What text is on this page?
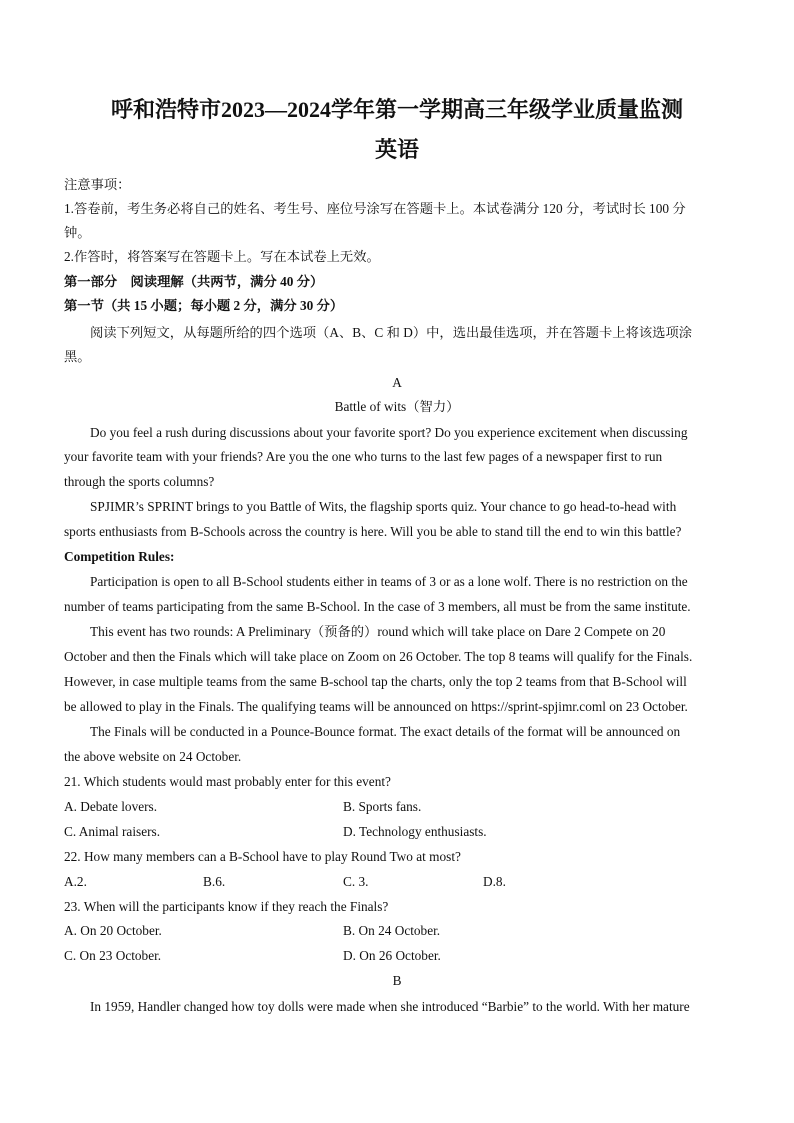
呼和浩特市2023—2024学年第一学期高三年级学业质量监测
英语
注意事项：
1.答卷前，考生务必将自己的姓名、考生号、座位号涂写在答题卡上。本试卷满分 120 分，考试时长 100 分
钟。
2.作答时，将答案写在答题卡上。写在本试卷上无效。
第一部分　阅读理解（共两节，满分 40 分）
第一节（共 15 小题；每小题 2 分，满分 30 分）
阅读下列短文，从每题所给的四个选项（A、B、C 和 D）中，选出最佳选项，并在答题卡上将该选项涂
黑。
A
Battle of wits（智力）
Do you feel a rush during discussions about your favorite sport? Do you experience excitement when discussing
your favorite team with your friends? Are you the one who turns to the last few pages of a newspaper first to run
through the sports columns?
SPJIMR’s SPRINT brings to you Battle of Wits, the flagship sports quiz. Your chance to go head-to-head with
sports enthusiasts from B-Schools across the country is here. Will you be able to stand till the end to win this battle?
Competition Rules:
Participation is open to all B-School students either in teams of 3 or as a lone wolf. There is no restriction on the
number of teams participating from the same B-School. In the case of 3 members, all must be from the same institute.
This event has two rounds: A Preliminary（预备的）round which will take place on Dare 2 Compete on 20
October and then the Finals which will take place on Zoom on 26 October. The top 8 teams will qualify for the Finals.
However, in case multiple teams from the same B-school tap the charts, only the top 2 teams from that B-School will
be allowed to play in the Finals. The qualifying teams will be announced on https://sprint-spjimr.coml on 23 October.
The Finals will be conducted in a Pounce-Bounce format. The exact details of the format will be announced on
the above website on 24 October.
21. Which students would mast probably enter for this event?
A. Debate lovers.	B. Sports fans.
C. Animal raisers.	D. Technology enthusiasts.
22. How many members can a B-School have to play Round Two at most?
A.2.	B.6.	C. 3.	D.8.
23. When will the participants know if they reach the Finals?
A. On 20 October.	B. On 24 October.
C. On 23 October.	D. On 26 October.
B
In 1959, Handler changed how toy dolls were made when she introduced “Barbie” to the world. With her mature
